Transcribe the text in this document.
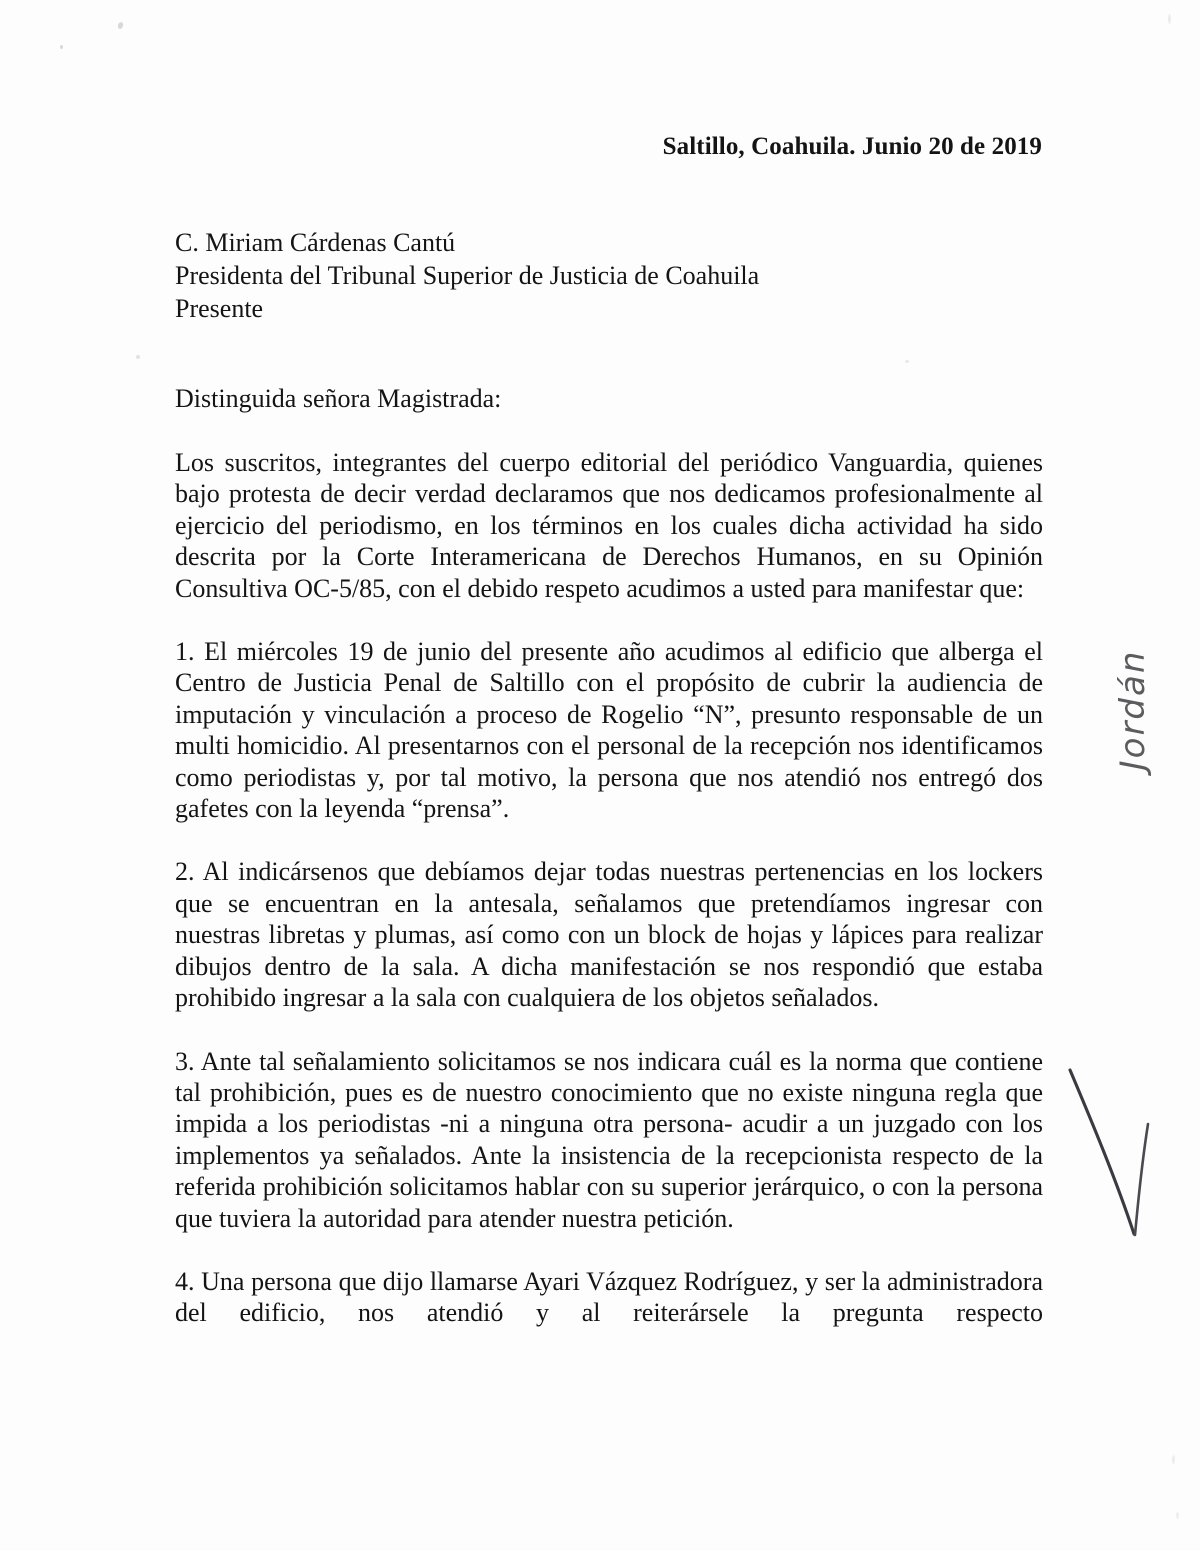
Saltillo, Coahuila. Junio 20 de 2019
C. Miriam Cárdenas Cantú
Presidenta del Tribunal Superior de Justicia de Coahuila
Presente
Distinguida señora Magistrada:

Los suscritos, integrantes del cuerpo editorial del periódico Vanguardia, quienes bajo protesta de decir verdad declaramos que nos dedicamos profesionalmente al ejercicio del periodismo, en los términos en los cuales dicha actividad ha sido descrita por la Corte Interamericana de Derechos Humanos, en su Opinión Consultiva OC-5/85, con el debido respeto acudimos a usted para manifestar que:

1. El miércoles 19 de junio del presente año acudimos al edificio que alberga el Centro de Justicia Penal de Saltillo con el propósito de cubrir la audiencia de imputación y vinculación a proceso de Rogelio “N”, presunto responsable de un multi homicidio. Al presentarnos con el personal de la recepción nos identificamos como periodistas y, por tal motivo, la persona que nos atendió nos entregó dos gafetes con la leyenda “prensa”.

2. Al indicársenos que debíamos dejar todas nuestras pertenencias en los lockers que se encuentran en la antesala, señalamos que pretendíamos ingresar con nuestras libretas y plumas, así como con un block de hojas y lápices para realizar dibujos dentro de la sala. A dicha manifestación se nos respondió que estaba prohibido ingresar a la sala con cualquiera de los objetos señalados.

3. Ante tal señalamiento solicitamos se nos indicara cuál es la norma que contiene tal prohibición, pues es de nuestro conocimiento que no existe ninguna regla que impida a los periodistas -ni a ninguna otra persona- acudir a un juzgado con los implementos ya señalados. Ante la insistencia de la recepcionista respecto de la referida prohibición solicitamos hablar con su superior jerárquico, o con la persona que tuviera la autoridad para atender nuestra petición.

4. Una persona que dijo llamarse Ayari Vázquez Rodríguez, y ser la administradora del edificio, nos atendió y al reiterársele la pregunta respecto

Jordán
